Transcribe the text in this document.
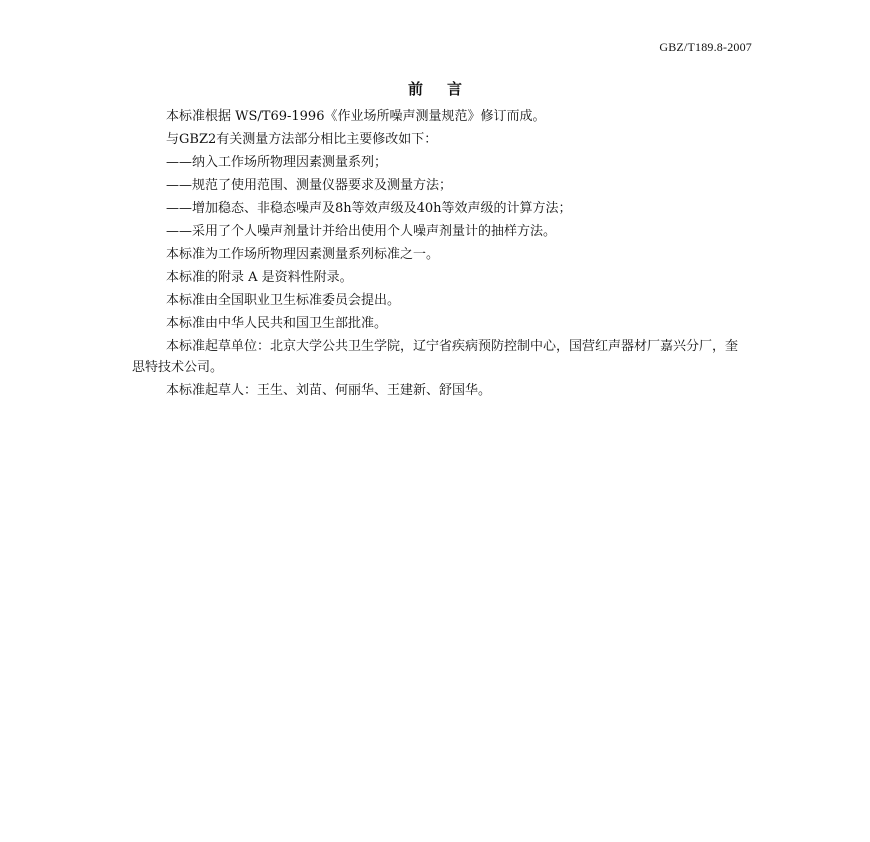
GBZ/T189.8-2007
前言

本标准根据 WS/T69-1996《作业场所噪声测量规范》修订而成。

与GBZ2有关测量方法部分相比主要修改如下：

——纳入工作场所物理因素测量系列；

——规范了使用范围、测量仪器要求及测量方法；

——增加稳态、非稳态噪声及8h等效声级及40h等效声级的计算方法；

——采用了个人噪声剂量计并给出使用个人噪声剂量计的抽样方法。

本标准为工作场所物理因素测量系列标准之一。

本标准的附录 A 是资料性附录。

本标准由全国职业卫生标准委员会提出。

本标准由中华人民共和国卫生部批准。

本标准起草单位：北京大学公共卫生学院，辽宁省疾病预防控制中心，国营红声器材厂嘉兴分厂，奎思特技术公司。

本标准起草人：王生、刘苗、何丽华、王建新、舒国华。
